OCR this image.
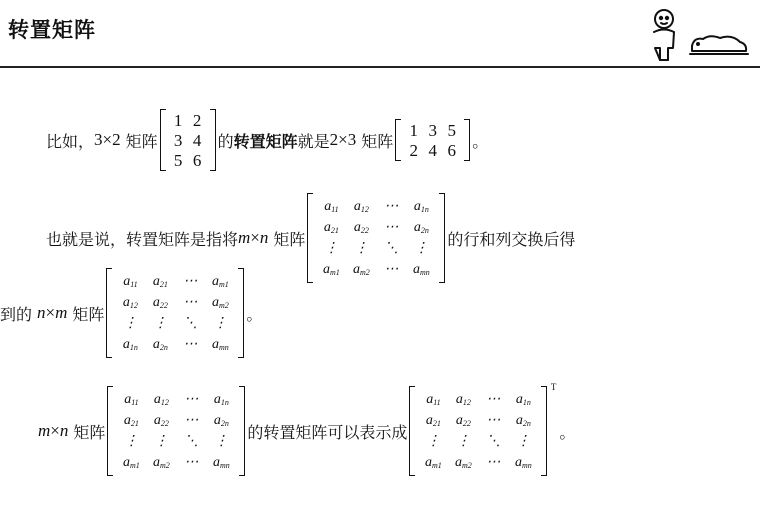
转置矩阵
比如， 3×2 矩阵
1 2
3 4
5 6
的 转置矩阵 就是 2×3 矩阵
1 3 5
2 4 6 。
也就是说，转置矩阵是指将 m × n 矩阵
$a_{11}$ $a_{12}$ ⋯ $a_{1n}$
$a_{21}$ $a_{22}$ ⋯ $a_{2n}$
⋮ ⋮ ⋱ ⋮
$a_{m1}$ $a_{m2}$ ⋯ $a_{mn}$
的行和列交换后得
到的 n × m 矩阵
$a_{11}$ $a_{21}$ ⋯ $a_{m1}$
$a_{12}$ $a_{22}$ ⋯ $a_{m2}$
⋮ ⋮ ⋱ ⋮
$a_{1n}$ $a_{2n}$ ⋯ $a_{mn}$
。
m × n 矩阵
$a_{11}$ $a_{12}$ ⋯ $a_{1n}$
$a_{21}$ $a_{22}$ ⋯ $a_{2n}$
⋮ ⋮ ⋱ ⋮
$a_{m1}$ $a_{m2}$ ⋯ $a_{mn}$
的转置矩阵可以表示成
$a_{11}$ $a_{12}$ ⋯ $a_{1n}$
$a_{21}$ $a_{22}$ ⋯ $a_{2n}$
⋮ ⋮ ⋱ ⋮
$a_{m1}$ $a_{m2}$ ⋯ $a_{mn}$
T
。
